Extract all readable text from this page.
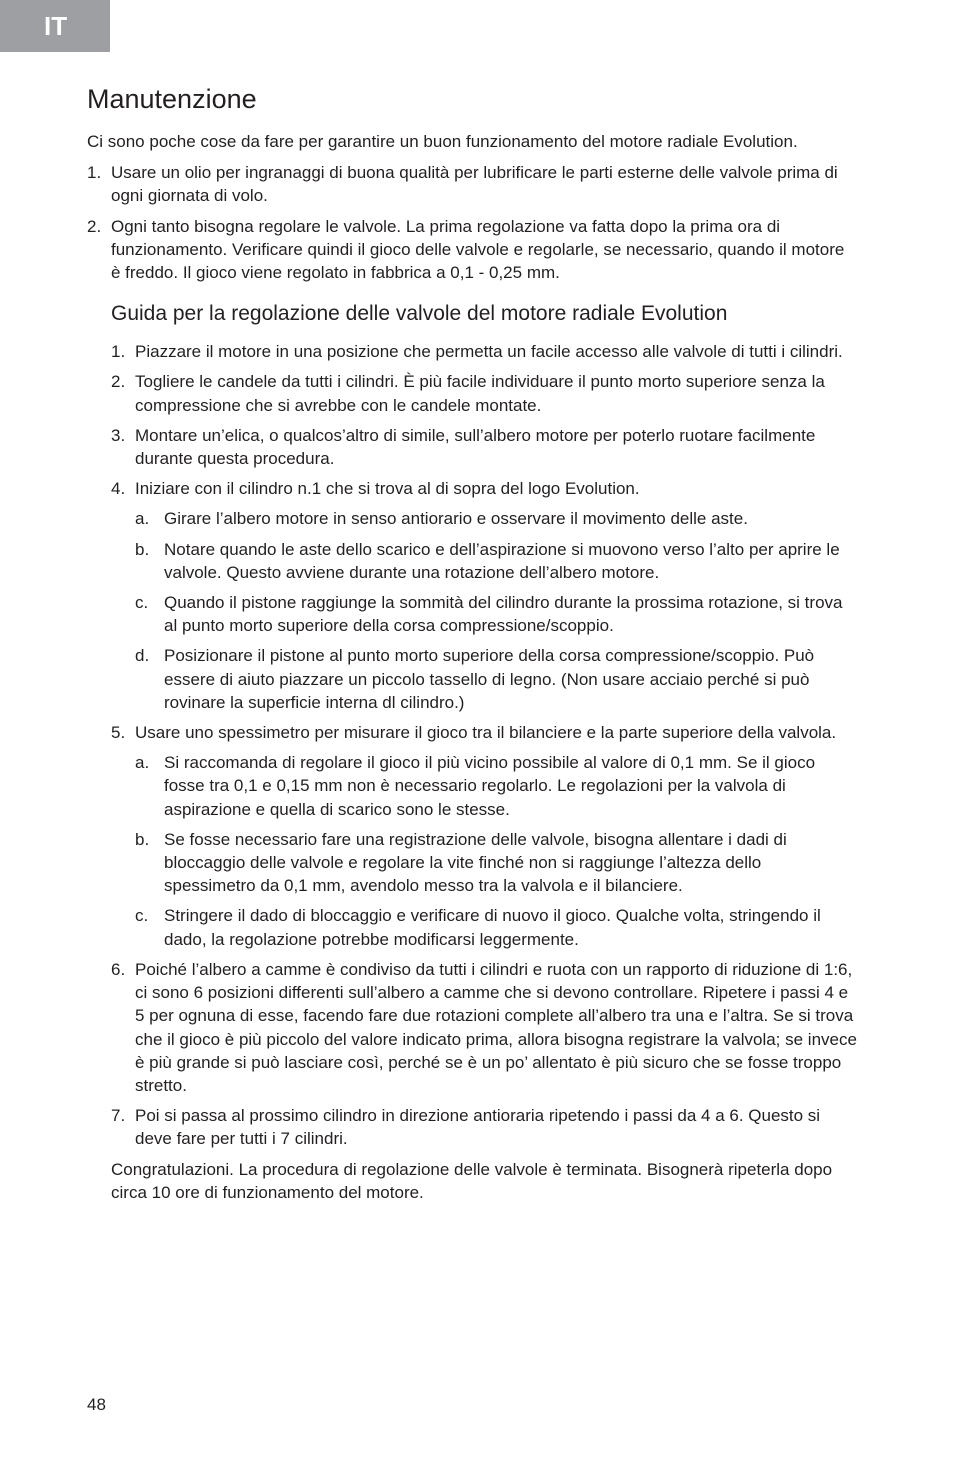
IT
Manutenzione

Ci sono poche cose da fare per garantire un buon funzionamento del motore radiale Evolution.

1. Usare un olio per ingranaggi di buona qualità per lubrificare le parti esterne delle valvole prima di ogni giornata di volo.
2. Ogni tanto bisogna regolare le valvole. La prima regolazione va fatta dopo la prima ora di funzionamento. Verificare quindi il gioco delle valvole e regolarle, se necessario, quando il motore è freddo. Il gioco viene regolato in fabbrica a 0,1 - 0,25 mm.
Guida per la regolazione delle valvole del motore radiale Evolution
1. Piazzare il motore in una posizione che permetta un facile accesso alle valvole di tutti i cilindri.
2. Togliere le candele da tutti i cilindri. È più facile individuare il punto morto superiore senza la compressione che si avrebbe con le candele montate.
3. Montare un’elica, o qualcos’altro di simile, sull’albero motore per poterlo ruotare facilmente durante questa procedura.
4. Iniziare con il cilindro n.1 che si trova al di sopra del logo Evolution.
a. Girare l’albero motore in senso antiorario e osservare il movimento delle aste.
b. Notare quando le aste dello scarico e dell’aspirazione si muovono verso l’alto per aprire le valvole. Questo avviene durante una rotazione dell’albero motore.
c. Quando il pistone raggiunge la sommità del cilindro durante la prossima rotazione, si trova al punto morto superiore della corsa compressione/scoppio.
d. Posizionare il pistone al punto morto superiore della corsa compressione/scoppio. Può essere di aiuto piazzare un piccolo tassello di legno. (Non usare acciaio perché si può rovinare la superficie interna dl cilindro.)
5. Usare uno spessimetro per misurare il gioco tra il bilanciere e la parte superiore della valvola.
a. Si raccomanda di regolare il gioco il più vicino possibile al valore di 0,1 mm. Se il gioco fosse tra 0,1 e 0,15 mm non è necessario regolarlo. Le regolazioni per la valvola di aspirazione e quella di scarico sono le stesse.
b. Se fosse necessario fare una registrazione delle valvole, bisogna allentare i dadi di bloccaggio delle valvole e regolare la vite finché non si raggiunge l’altezza dello spessimetro da 0,1 mm, avendolo messo tra la valvola e il bilanciere.
c. Stringere il dado di bloccaggio e verificare di nuovo il gioco. Qualche volta, stringendo il dado, la regolazione potrebbe modificarsi leggermente.
6. Poiché l’albero a camme è condiviso da tutti i cilindri e ruota con un rapporto di riduzione di 1:6, ci sono 6 posizioni differenti sull’albero a camme che si devono controllare. Ripetere i passi 4 e 5 per ognuna di esse, facendo fare due rotazioni complete all’albero tra una e l’altra. Se si trova che il gioco è più piccolo del valore indicato prima, allora bisogna registrare la valvola; se invece è più grande si può lasciare così, perché se è un po’ allentato è più sicuro che se fosse troppo stretto.
7. Poi si passa al prossimo cilindro in direzione antioraria ripetendo i passi da 4 a 6. Questo si deve fare per tutti i 7 cilindri.

Congratulazioni. La procedura di regolazione delle valvole è terminata. Bisognerà ripeterla dopo circa 10 ore di funzionamento del motore.

48
